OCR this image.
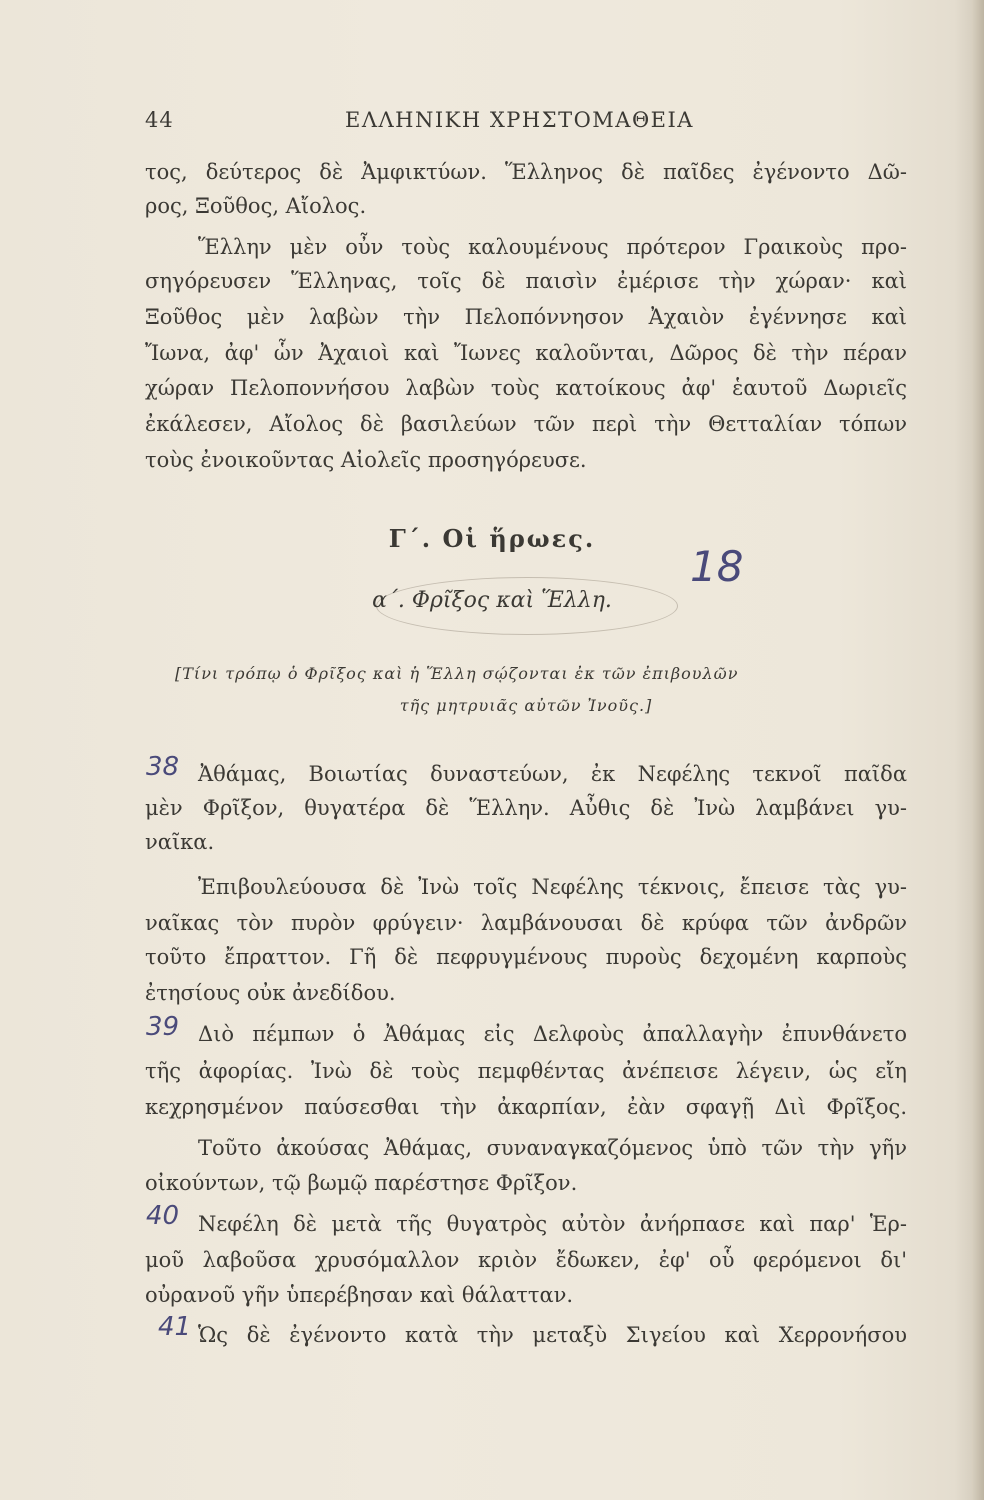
44	ΕΛΛΗΝΙΚΗ ΧΡΗΣΤΟΜΑΘΕΙΑ
τος, δεύτερος δὲ Ἀμφικτύων. Ἕλληνος δὲ παῖδες ἐγένοντο Δῶ-
ρος, Ξοῦθος, Αἴολος.
Ἕλλην μὲν οὖν τοὺς καλουμένους πρότερον Γραικοὺς προ-
σηγόρευσεν Ἕλληνας, τοῖς δὲ παισὶν ἐμέρισε τὴν χώραν· καὶ
Ξοῦθος μὲν λαβὼν τὴν Πελοπόννησον Ἀχαιὸν ἐγέννησε καὶ
Ἴωνα, ἀφ' ὧν Ἀχαιοὶ καὶ Ἴωνες καλοῦνται, Δῶρος δὲ τὴν πέραν
χώραν Πελοποννήσου λαβὼν τοὺς κατοίκους ἀφ' ἑαυτοῦ Δωριεῖς
ἐκάλεσεν, Αἴολος δὲ βασιλεύων τῶν περὶ τὴν Θετταλίαν τόπων
τοὺς ἐνοικοῦντας Αἰολεῖς προσηγόρευσε.
Γ΄. Οἱ ἥρωες.
α΄. Φρῖξος καὶ Ἕλλη.
[Τίνι τρόπῳ ὁ Φρῖξος καὶ ἡ Ἕλλη σῴζονται ἐκ τῶν ἐπιβουλῶν
τῆς μητρυιᾶς αὐτῶν Ἰνοῦς.]
Ἀθάμας, Βοιωτίας δυναστεύων, ἐκ Νεφέλης τεκνοῖ παῖδα
μὲν Φρῖξον, θυγατέρα δὲ Ἕλλην. Αὖθις δὲ Ἰνὼ λαμβάνει γυ-
ναῖκα.
Ἐπιβουλεύουσα δὲ Ἰνὼ τοῖς Νεφέλης τέκνοις, ἔπεισε τὰς γυ-
ναῖκας τὸν πυρὸν φρύγειν· λαμβάνουσαι δὲ κρύφα τῶν ἀνδρῶν
τοῦτο ἔπραττον. Γῆ δὲ πεφρυγμένους πυροὺς δεχομένη καρποὺς
ἐτησίους οὐκ ἀνεδίδου.
Διὸ πέμπων ὁ Ἀθάμας εἰς Δελφοὺς ἀπαλλαγὴν ἐπυνθάνετο
τῆς ἀφορίας. Ἰνὼ δὲ τοὺς πεμφθέντας ἀνέπεισε λέγειν, ὡς εἴη
κεχρησμένον παύσεσθαι τὴν ἀκαρπίαν, ἐὰν σφαγῇ Διὶ Φρῖξος.
Τοῦτο ἀκούσας Ἀθάμας, συναναγκαζόμενος ὑπὸ τῶν τὴν γῆν
οἰκούντων, τῷ βωμῷ παρέστησε Φρῖξον.
Νεφέλη δὲ μετὰ τῆς θυγατρὸς αὐτὸν ἀνήρπασε καὶ παρ' Ἑρ-
μοῦ λαβοῦσα χρυσόμαλλον κριὸν ἔδωκεν, ἐφ' οὗ φερόμενοι δι'
οὐρανοῦ γῆν ὑπερέβησαν καὶ θάλατταν.
Ὡς δὲ ἐγένοντο κατὰ τὴν μεταξὺ Σιγείου καὶ Χερρονήσου
38
39
40
41
18
